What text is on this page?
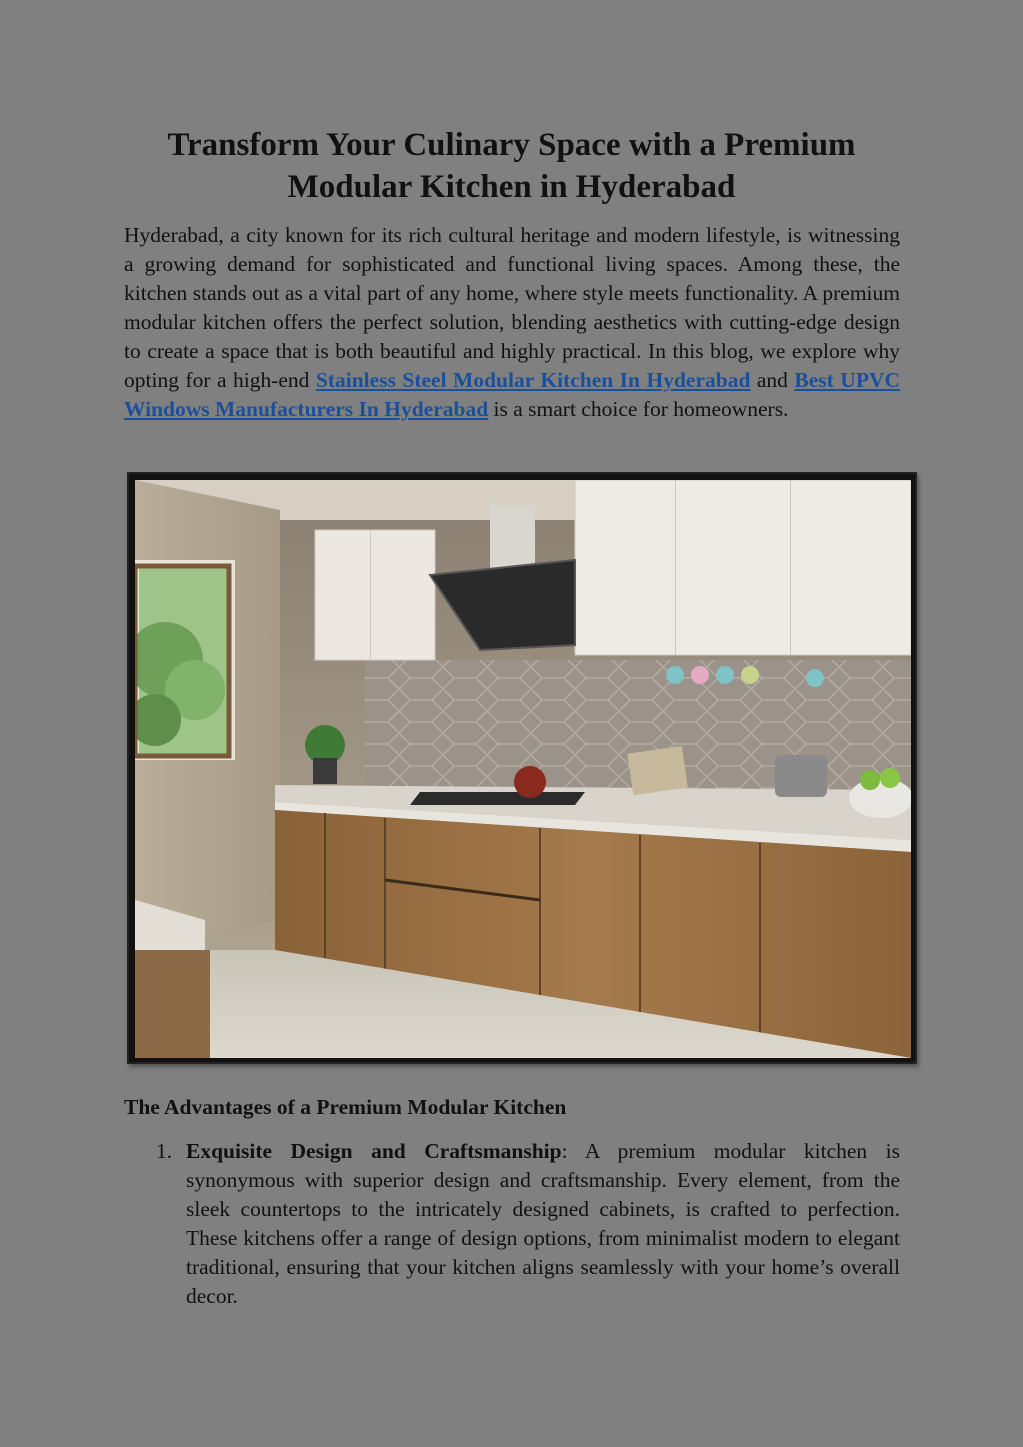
Transform Your Culinary Space with a Premium Modular Kitchen in Hyderabad

Hyderabad, a city known for its rich cultural heritage and modern lifestyle, is witnessing a growing demand for sophisticated and functional living spaces. Among these, the kitchen stands out as a vital part of any home, where style meets functionality. A premium modular kitchen offers the perfect solution, blending aesthetics with cutting-edge design to create a space that is both beautiful and highly practical. In this blog, we explore why opting for a high-end Stainless Steel Modular Kitchen In Hyderabad and Best UPVC Windows Manufacturers In Hyderabad is a smart choice for homeowners.

The Advantages of a Premium Modular Kitchen
1. Exquisite Design and Craftsmanship: A premium modular kitchen is synonymous with superior design and craftsmanship. Every element, from the sleek countertops to the intricately designed cabinets, is crafted to perfection. These kitchens offer a range of design options, from minimalist modern to elegant traditional, ensuring that your kitchen aligns seamlessly with your home’s overall decor.
